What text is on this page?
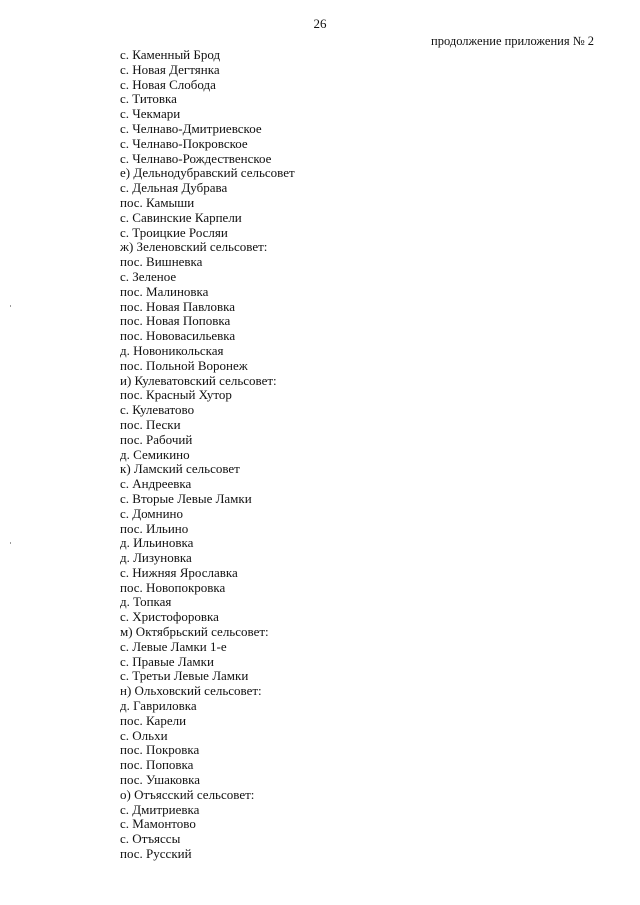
26
продолжение приложения № 2
с. Каменный Брод
с. Новая Дегтянка
с. Новая Слобода
с. Титовка
с. Чекмари
с. Челнаво-Дмитриевское
с. Челнаво-Покровское
с. Челнаво-Рождественское
е) Дельнодубравский сельсовет
с. Дельная Дубрава
пос. Камыши
с. Савинские Карпели
с. Троицкие Росляи
ж) Зеленовский сельсовет:
пос. Вишневка
с. Зеленое
пос. Малиновка
пос. Новая Павловка
пос. Новая Поповка
пос. Нововасильевка
д. Новоникольская
пос. Польной Воронеж
и) Кулеватовский сельсовет:
пос. Красный Хутор
с. Кулеватово
пос. Пески
пос. Рабочий
д. Семикино
к) Ламский сельсовет
с. Андреевка
с. Вторые Левые Ламки
с. Домнино
пос. Ильино
д. Ильиновка
д. Лизуновка
с. Нижняя Ярославка
пос. Новопокровка
д. Топкая
с. Христофоровка
м) Октябрьский сельсовет:
с. Левые Ламки 1-е
с. Правые Ламки
с. Третьи Левые Ламки
н) Ольховский сельсовет:
д. Гавриловка
пос. Карели
с. Ольхи
пос. Покровка
пос. Поповка
пос. Ушаковка
о) Отъясский сельсовет:
с. Дмитриевка
с. Мамонтово
с. Отъяссы
пос. Русский
